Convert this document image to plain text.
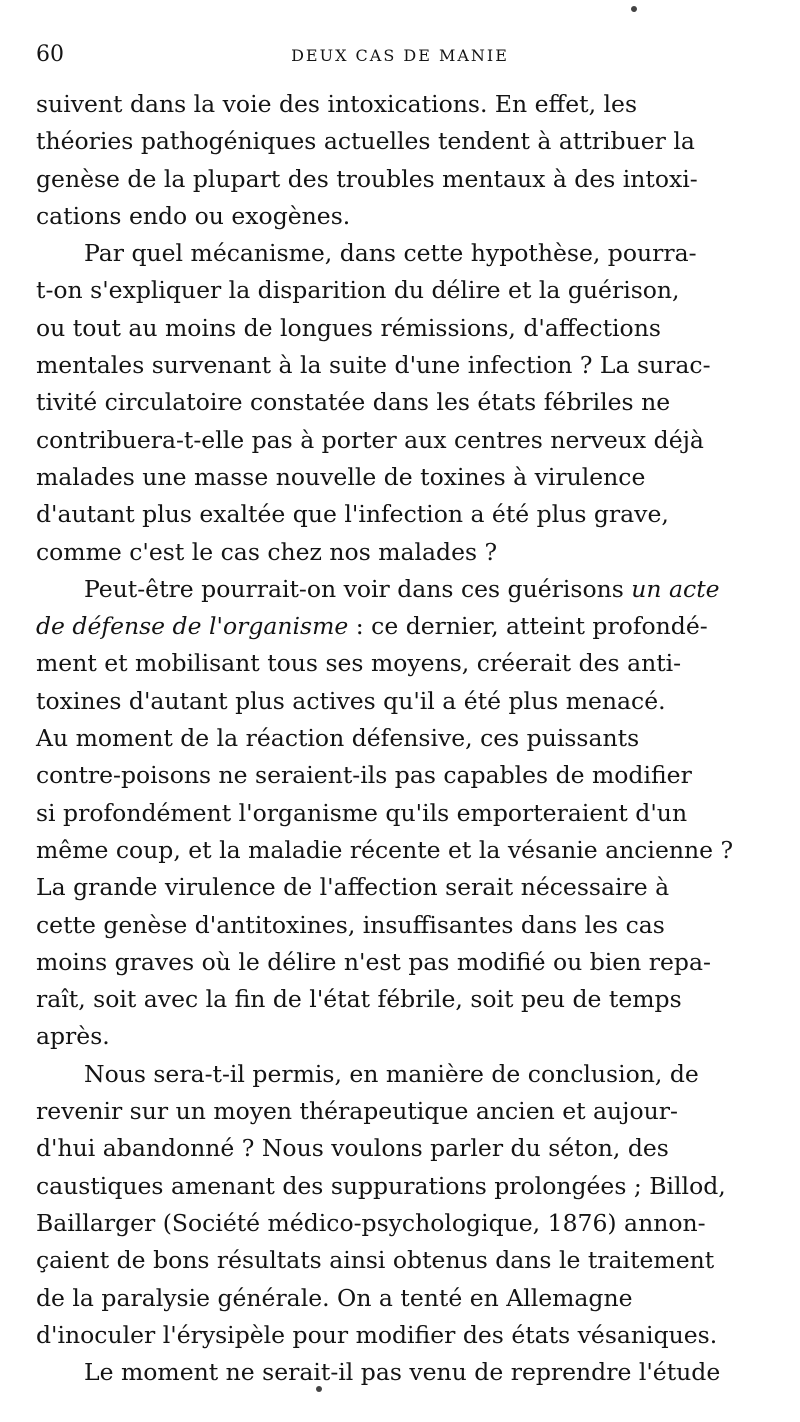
60	DEUX CAS DE MANIE

suivent dans la voie des intoxications. En effet, les
théories pathogéniques actuelles tendent à attribuer la
genèse de la plupart des troubles mentaux à des intoxi-
cations endo ou exogènes.

Par quel mécanisme, dans cette hypothèse, pourra-
t-on s'expliquer la disparition du délire et la guérison,
ou tout au moins de longues rémissions, d'affections
mentales survenant à la suite d'une infection ? La surac-
tivité circulatoire constatée dans les états fébriles ne
contribuera-t-elle pas à porter aux centres nerveux déjà
malades une masse nouvelle de toxines à virulence
d'autant plus exaltée que l'infection a été plus grave,
comme c'est le cas chez nos malades ?

Peut-être pourrait-on voir dans ces guérisons un acte
de défense de l'organisme : ce dernier, atteint profondé-
ment et mobilisant tous ses moyens, créerait des anti-
toxines d'autant plus actives qu'il a été plus menacé.
Au moment de la réaction défensive, ces puissants
contre-poisons ne seraient-ils pas capables de modifier
si profondément l'organisme qu'ils emporteraient d'un
même coup, et la maladie récente et la vésanie ancienne ?
La grande virulence de l'affection serait nécessaire à
cette genèse d'antitoxines, insuffisantes dans les cas
moins graves où le délire n'est pas modifié ou bien repa-
raît, soit avec la fin de l'état fébrile, soit peu de temps
après.

Nous sera-t-il permis, en manière de conclusion, de
revenir sur un moyen thérapeutique ancien et aujour-
d'hui abandonné ? Nous voulons parler du séton, des
caustiques amenant des suppurations prolongées ; Billod,
Baillarger (Société médico-psychologique, 1876) annon-
çaient de bons résultats ainsi obtenus dans le traitement
de la paralysie générale. On a tenté en Allemagne
d'inoculer l'érysipèle pour modifier des états vésaniques.
Le moment ne serait-il pas venu de reprendre l'étude
